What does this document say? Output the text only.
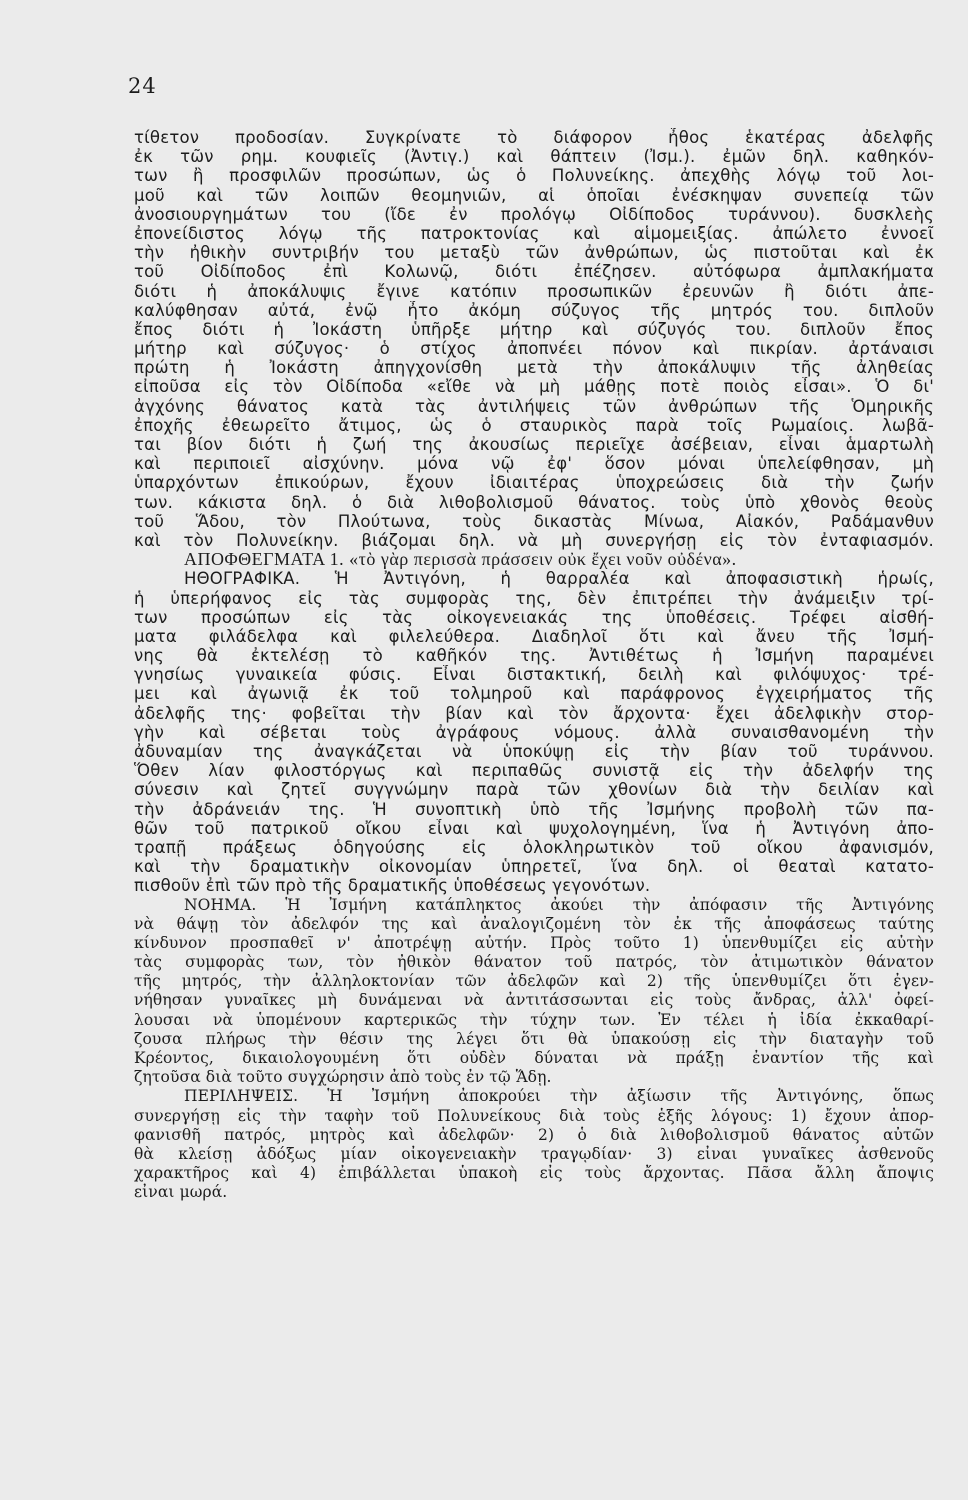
24
τίθετον προδοσίαν. Συγκρίνατε τὸ διάφορον ἦθος ἑκατέρας ἀδελφῆς
ἐκ τῶν ρημ. κουφιεῖς (Ἀντιγ.) καὶ θάπτειν (Ἰσμ.). ἐμῶν δηλ. καθηκόν-
των ἢ προσφιλῶν προσώπων, ὡς ὁ Πολυνείκης. ἀπεχθὴς λόγῳ τοῦ λοι-
μοῦ καὶ τῶν λοιπῶν θεομηνιῶν, αἱ ὁποῖαι ἐνέσκηψαν συνεπείᾳ τῶν
ἀνοσιουργημάτων του (ἴδε ἐν προλόγῳ Οἰδίποδος τυράννου). δυσκλεὴς
ἐπονείδιστος λόγῳ τῆς πατροκτονίας καὶ αἱμομειξίας. ἀπώλετο ἐννοεῖ
τὴν ἠθικὴν συντριβήν του μεταξὺ τῶν ἀνθρώπων, ὡς πιστοῦται καὶ ἐκ
τοῦ Οἰδίποδος ἐπὶ Κολωνῷ, διότι ἐπέζησεν. αὐτόφωρα ἀμπλακήματα
διότι ἡ ἀποκάλυψις ἔγινε κατόπιν προσωπικῶν ἐρευνῶν ἢ διότι ἀπε-
καλύφθησαν αὐτά, ἐνῷ ἦτο ἀκόμη σύζυγος τῆς μητρός του. διπλοῦν
ἔπος διότι ἡ Ἰοκάστη ὑπῆρξε μήτηρ καὶ σύζυγός του. διπλοῦν ἔπος
μήτηρ καὶ σύζυγος· ὁ στίχος ἀποπνέει πόνον καὶ πικρίαν. ἀρτάναισι
πρώτη ἡ Ἰοκάστη ἀπηγχονίσθη μετὰ τὴν ἀποκάλυψιν τῆς ἀληθείας
εἰποῦσα εἰς τὸν Οἰδίποδα «εἴθε νὰ μὴ μάθῃς ποτὲ ποιὸς εἶσαι». Ὁ δι'
ἀγχόνης θάνατος κατὰ τὰς ἀντιλήψεις τῶν ἀνθρώπων τῆς Ὁμηρικῆς
ἐποχῆς ἐθεωρεῖτο ἄτιμος, ὡς ὁ σταυρικὸς παρὰ τοῖς Ρωμαίοις. λωβᾶ-
ται βίον διότι ἡ ζωή της ἀκουσίως περιεῖχε ἀσέβειαν, εἶναι ἁμαρτωλὴ
καὶ περιποιεῖ αἰσχύνην. μόνα νῷ ἐφ' ὅσον μόναι ὑπελείφθησαν, μὴ
ὑπαρχόντων ἐπικούρων, ἔχουν ἰδιαιτέρας ὑποχρεώσεις διὰ τὴν ζωήν
των. κάκιστα δηλ. ὁ διὰ λιθοβολισμοῦ θάνατος. τοὺς ὑπὸ χθονὸς θεοὺς
τοῦ Ἅδου, τὸν Πλούτωνα, τοὺς δικαστὰς Μίνωα, Αἰακόν, Ραδάμανθυν
καὶ τὸν Πολυνείκην. βιάζομαι δηλ. νὰ μὴ συνεργήσῃ εἰς τὸν ἐνταφιασμόν.
ΑΠΟΦΘΕΓΜΑΤΑ 1. «τὸ γὰρ περισσὰ πράσσειν οὐκ ἔχει νοῦν οὐδένα».
ΗΘΟΓΡΑΦΙΚΑ. Ἡ Ἀντιγόνη, ἡ θαρραλέα καὶ ἀποφασιστικὴ ἡρωίς,
ἡ ὑπερήφανος εἰς τὰς συμφορὰς της, δὲν ἐπιτρέπει τὴν ἀνάμειξιν τρί-
των προσώπων εἰς τὰς οἰκογενειακάς της ὑποθέσεις. Τρέφει αἰσθή-
ματα φιλάδελφα καὶ φιλελεύθερα. Διαδηλοῖ ὅτι καὶ ἄνευ τῆς Ἰσμή-
νης θὰ ἐκτελέσῃ τὸ καθῆκόν της. Ἀντιθέτως ἡ Ἰσμήνη παραμένει
γνησίως γυναικεία φύσις. Εἶναι διστακτική, δειλὴ καὶ φιλόψυχος· τρέ-
μει καὶ ἀγωνιᾷ ἐκ τοῦ τολμηροῦ καὶ παράφρονος ἐγχειρήματος τῆς
ἀδελφῆς της· φοβεῖται τὴν βίαν καὶ τὸν ἄρχοντα· ἔχει ἀδελφικὴν στορ-
γὴν καὶ σέβεται τοὺς ἀγράφους νόμους. ἀλλὰ συναισθανομένη τὴν
ἀδυναμίαν της ἀναγκάζεται νὰ ὑποκύψῃ εἰς τὴν βίαν τοῦ τυράννου.
Ὅθεν λίαν φιλοστόργως καὶ περιπαθῶς συνιστᾷ εἰς τὴν ἀδελφήν της
σύνεσιν καὶ ζητεῖ συγγνώμην παρὰ τῶν χθονίων διὰ τὴν δειλίαν καὶ
τὴν ἀδράνειάν της. Ἡ συνοπτικὴ ὑπὸ τῆς Ἰσμήνης προβολὴ τῶν πα-
θῶν τοῦ πατρικοῦ οἴκου εἶναι καὶ ψυχολογημένη, ἵνα ἡ Ἀντιγόνη ἀπο-
τραπῇ πράξεως ὁδηγούσης εἰς ὁλοκληρωτικὸν τοῦ οἴκου ἀφανισμόν,
καὶ τὴν δραματικὴν οἰκονομίαν ὑπηρετεῖ, ἵνα δηλ. οἱ θεαταὶ κατατο-
πισθοῦν ἐπὶ τῶν πρὸ τῆς δραματικῆς ὑποθέσεως γεγονότων.
ΝΟΗΜΑ. Ἡ Ἰσμήνη κατάπληκτος ἀκούει τὴν ἀπόφασιν τῆς Ἀντιγόνης
νὰ θάψῃ τὸν ἀδελφόν της καὶ ἀναλογιζομένη τὸν ἐκ τῆς ἀποφάσεως ταύτης
κίνδυνον προσπαθεῖ ν' ἀποτρέψῃ αὐτήν. Πρὸς τοῦτο 1) ὑπενθυμίζει εἰς αὐτὴν
τὰς συμφορὰς των, τὸν ἠθικὸν θάνατον τοῦ πατρός, τὸν ἀτιμωτικὸν θάνατον
τῆς μητρός, τὴν ἀλληλοκτονίαν τῶν ἀδελφῶν καὶ 2) τῆς ὑπενθυμίζει ὅτι ἐγεν-
νήθησαν γυναῖκες μὴ δυνάμεναι νὰ ἀντιτάσσωνται εἰς τοὺς ἄνδρας, ἀλλ' ὀφεί-
λουσαι νὰ ὑπομένουν καρτερικῶς τὴν τύχην των. Ἐν τέλει ἡ ἰδία ἐκκαθαρί-
ζουσα πλήρως τὴν θέσιν της λέγει ὅτι θὰ ὑπακούσῃ εἰς τὴν διαταγὴν τοῦ
Κρέοντος, δικαιολογουμένη ὅτι οὐδὲν δύναται νὰ πράξῃ ἐναντίον τῆς καὶ
ζητοῦσα διὰ τοῦτο συγχώρησιν ἀπὸ τοὺς ἐν τῷ Ἅδῃ.
ΠΕΡΙΛΗΨΕΙΣ. Ἡ Ἰσμήνη ἀποκρούει τὴν ἀξίωσιν τῆς Ἀντιγόνης, ὅπως
συνεργήσῃ εἰς τὴν ταφὴν τοῦ Πολυνείκους διὰ τοὺς ἑξῆς λόγους: 1) ἔχουν ἀπορ-
φανισθῆ πατρός, μητρὸς καὶ ἀδελφῶν· 2) ὁ διὰ λιθοβολισμοῦ θάνατος αὐτῶν
θὰ κλείσῃ ἀδόξως μίαν οἰκογενειακὴν τραγῳδίαν· 3) εἶναι γυναῖκες ἀσθενοῦς
χαρακτῆρος καὶ 4) ἐπιβάλλεται ὑπακοὴ εἰς τοὺς ἄρχοντας. Πᾶσα ἄλλη ἄποψις
εἶναι μωρά.
